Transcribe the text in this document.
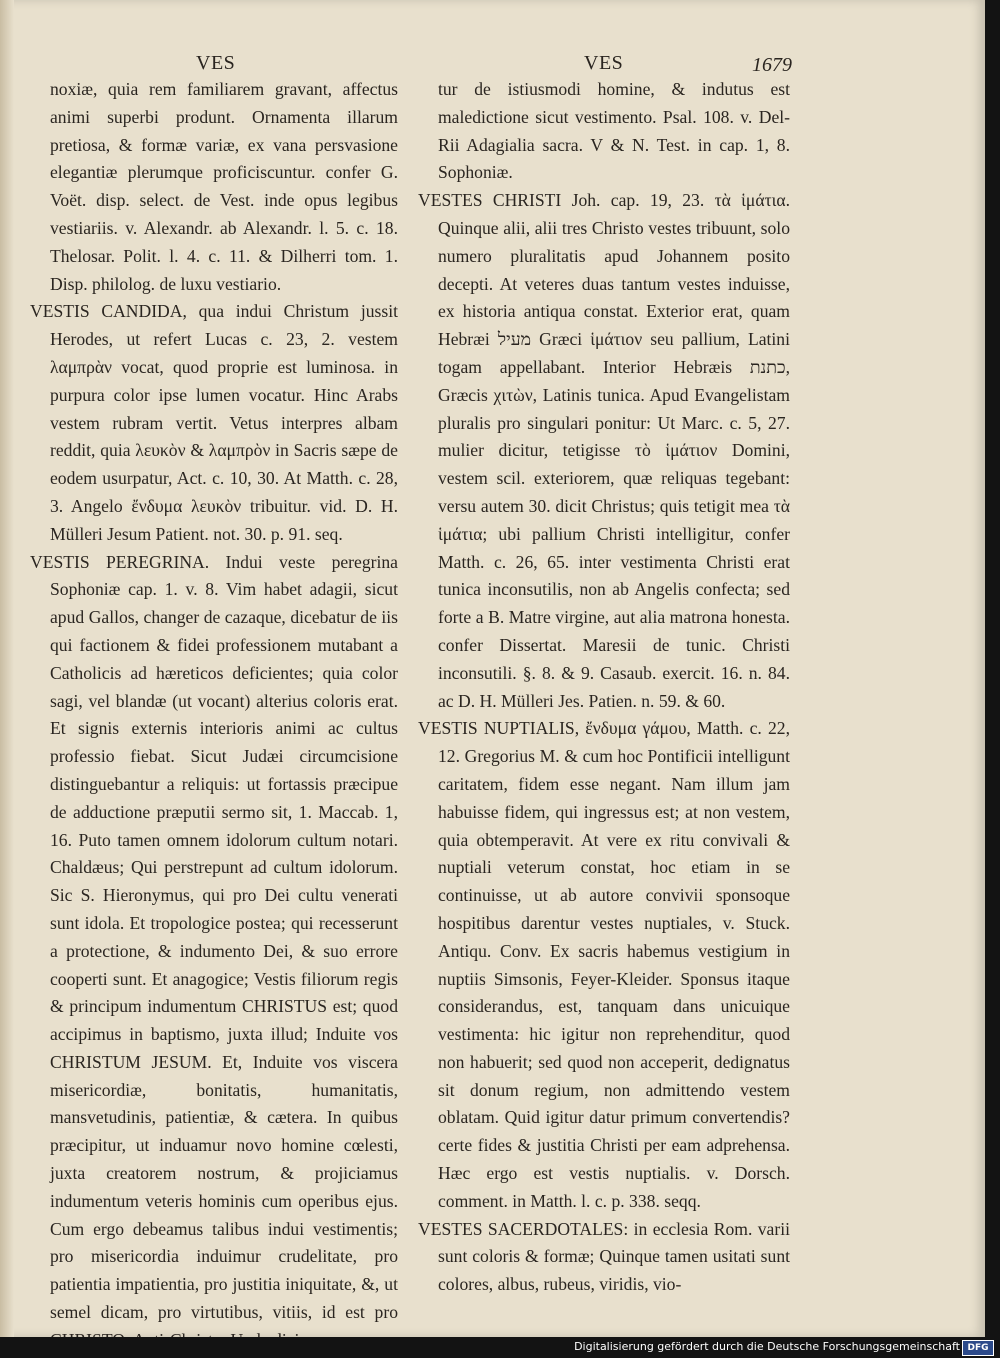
VES	VES	1679

noxiæ, quia rem familiarem gravant, affectus animi superbi produnt. Ornamenta illarum pretiosa, & formæ variæ, ex vana persvasione elegantiæ plerumque proficiscuntur. confer G. Voët. disp. select. de Vest. inde opus legibus vestiariis. v. Alexandr. ab Alexandr. l. 5. c. 18. Thelosar. Polit. l. 4. c. 11. & Dilherri tom. 1. Disp. philolog. de luxu vestiario.

VESTIS CANDIDA, qua indui Christum jussit Herodes, ut refert Lucas c. 23, 2. vestem λαμπρὰν vocat, quod proprie est luminosa. in purpura color ipse lumen vocatur. Hinc Arabs vestem rubram vertit. Vetus interpres albam reddit, quia λευκὸν & λαμπρὸν in Sacris sæpe de eodem usurpatur, Act. c. 10, 30. At Matth. c. 28, 3. Angelo ἔνδυμα λευκὸν tribuitur. vid. D. H. Mülleri Jesum Patient. not. 30. p. 91. seq.

VESTIS PEREGRINA. Indui veste peregrina Sophoniæ cap. 1. v. 8. Vim habet adagii, sicut apud Gallos, changer de cazaque, dicebatur de iis qui factionem & fidei professionem mutabant a Catholicis ad hæreticos deficientes; quia color sagi, vel blandæ (ut vocant) alterius coloris erat. Et signis externis interioris animi ac cultus professio fiebat. Sicut Judæi circumcisione distinguebantur a reliquis: ut fortassis præcipue de adductione præputii sermo sit, 1. Maccab. 1, 16. Puto tamen omnem idolorum cultum notari. Chaldæus; Qui perstrepunt ad cultum idolorum. Sic S. Hieronymus, qui pro Dei cultu venerati sunt idola. Et tropologice postea; qui recesserunt a protectione, & indumento Dei, & suo errore cooperti sunt. Et anagogice; Vestis filiorum regis & principum indumentum CHRISTUS est; quod accipimus in baptismo, juxta illud; Induite vos CHRISTUM JESUM. Et, Induite vos viscera misericordiæ, bonitatis, humanitatis, mansvetudinis, patientiæ, & cætera. In quibus præcipitur, ut induamur novo homine cœlesti, juxta creatorem nostrum, & projiciamus indumentum veteris hominis cum operibus ejus. Cum ergo debeamus talibus indui vestimentis; pro misericordia induimur crudelitate, pro patientia impatientia, pro justitia iniquitate, &, ut semel dicam, pro virtutibus, vitiis, id est pro

tur de istiusmodi homine, & indutus est maledictione sicut vestimento. Psal. 108. v. Del-Rii Adagialia sacra. V & N. Test. in cap. 1, 8. Sophoniæ.

VESTES CHRISTI Joh. cap. 19, 23. τὰ ἱμάτια. Quinque alii, alii tres Christo vestes tribuunt, solo numero pluralitatis apud Johannem posito decepti. At veteres duas tantum vestes induisse, ex historia antiqua constat. Exterior erat, quam Hebræi מעיל Græci ἱμάτιον seu pallium, Latini togam appellabant. Interior Hebræis כתנת, Græcis χιτὼν, Latinis tunica. Apud Evangelistam pluralis pro singulari ponitur: Ut Marc. c. 5, 27. mulier dicitur, tetigisse τὸ ἱμάτιον Domini, vestem scil. exteriorem, quæ reliquas tegebant: versu autem 30. dicit Christus; quis tetigit mea τὰ ἱμάτια; ubi pallium Christi intelligitur, confer Matth. c. 26, 65. inter vestimenta Christi erat tunica inconsutilis, non ab Angelis confecta; sed forte a B. Matre virgine, aut alia matrona honesta. confer Dissertat. Maresii de tunic. Christi inconsutili. §. 8. & 9. Casaub. exercit. 16. n. 84. ac D. H. Mülleri Jes. Patien. n. 59. & 60.

VESTIS NUPTIALIS, ἔνδυμα γάμου, Matth. c. 22, 12. Gregorius M. & cum hoc Pontificii intelligunt caritatem, fidem esse negant. Nam illum jam habuisse fidem, qui ingressus est; at non vestem, quia obtemperavit. At vere ex ritu convivali & nuptiali veterum constat, hoc etiam in se continuisse, ut ab autore convivii sponsoque hospitibus darentur vestes nuptiales, v. Stuck. Antiqu. Conv. Ex sacris habemus vestigium in nuptiis Simsonis, Feyer-Kleider. Sponsus itaque considerandus, est, tanquam dans unicuique vestimenta: hic igitur non reprehenditur, quod non habuerit; sed quod non acceperit, dedignatus sit donum regium, non admittendo vestem oblatam. Quid igitur datur primum convertendis? certe fides & justitia Christi per eam adprehensa. Hæc ergo est vestis nuptialis. v. Dorsch. comment. in Matth. l. c. p. 338. seqq.

VESTES SACERDOTALES: in ecclesia Rom. varii sunt coloris & formæ; Quinque tamen usitati sunt colores, albus, rubeus, viridis, vio-

Digitalisierung gefördert durch die Deutsche Forschungsgemeinschaft DFG
